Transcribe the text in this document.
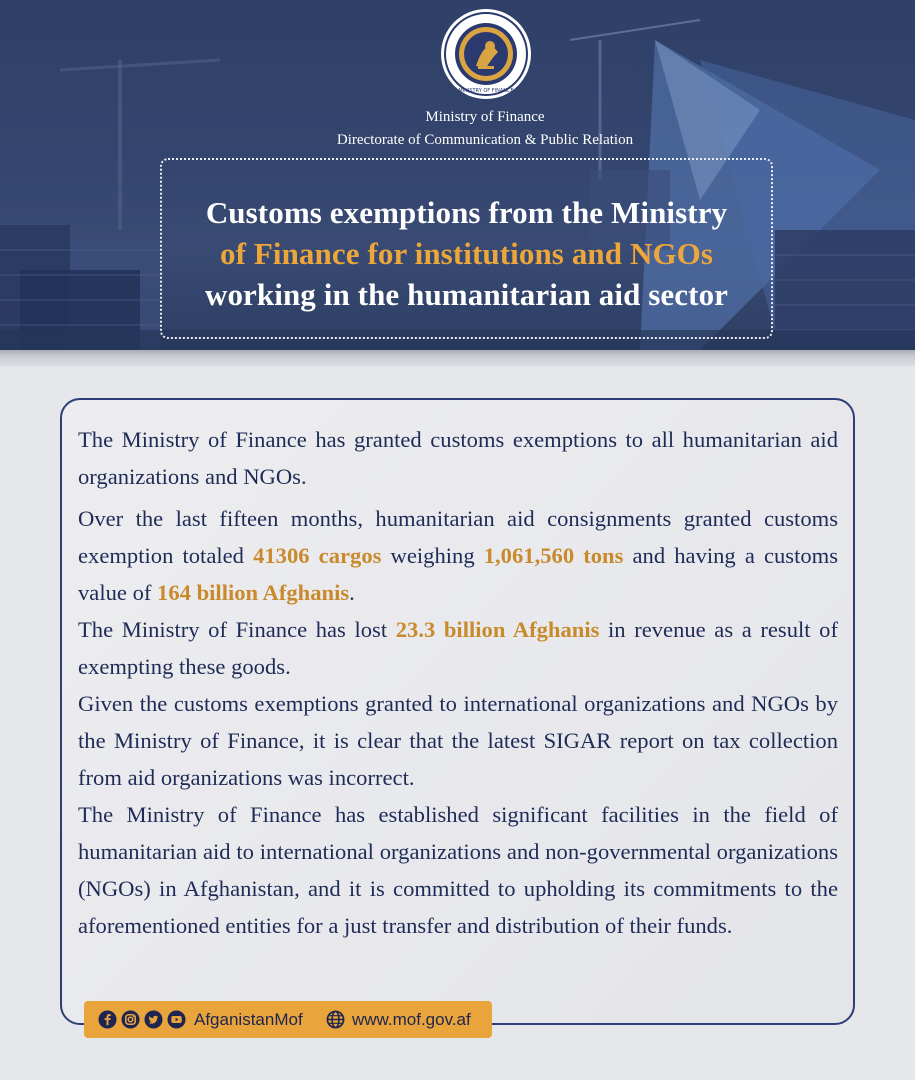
MINISTRY OF FINANCE
Ministry of Finance
Directorate of Communication & Public Relation
Customs exemptions from the Ministry
of Finance for institutions and NGOs
working in the humanitarian aid sector

The Ministry of Finance has granted customs exemptions to all humanitarian aid organizations and NGOs.

Over the last fifteen months, humanitarian aid consignments granted customs exemption totaled 41306 cargos weighing 1,061,560 tons and having a customs value of 164 billion Afghanis.

The Ministry of Finance has lost 23.3 billion Afghanis in revenue as a result of exempting these goods.

Given the customs exemptions granted to international organizations and NGOs by the Ministry of Finance, it is clear that the latest SIGAR report on tax collection from aid organizations was incorrect.

The Ministry of Finance has established significant facilities in the field of humanitarian aid to international organizations and non-governmental organizations (NGOs) in Afghanistan, and it is committed to upholding its commitments to the aforementioned entities for a just transfer and distribution of their funds.

AfganistanMof	www.mof.gov.af
